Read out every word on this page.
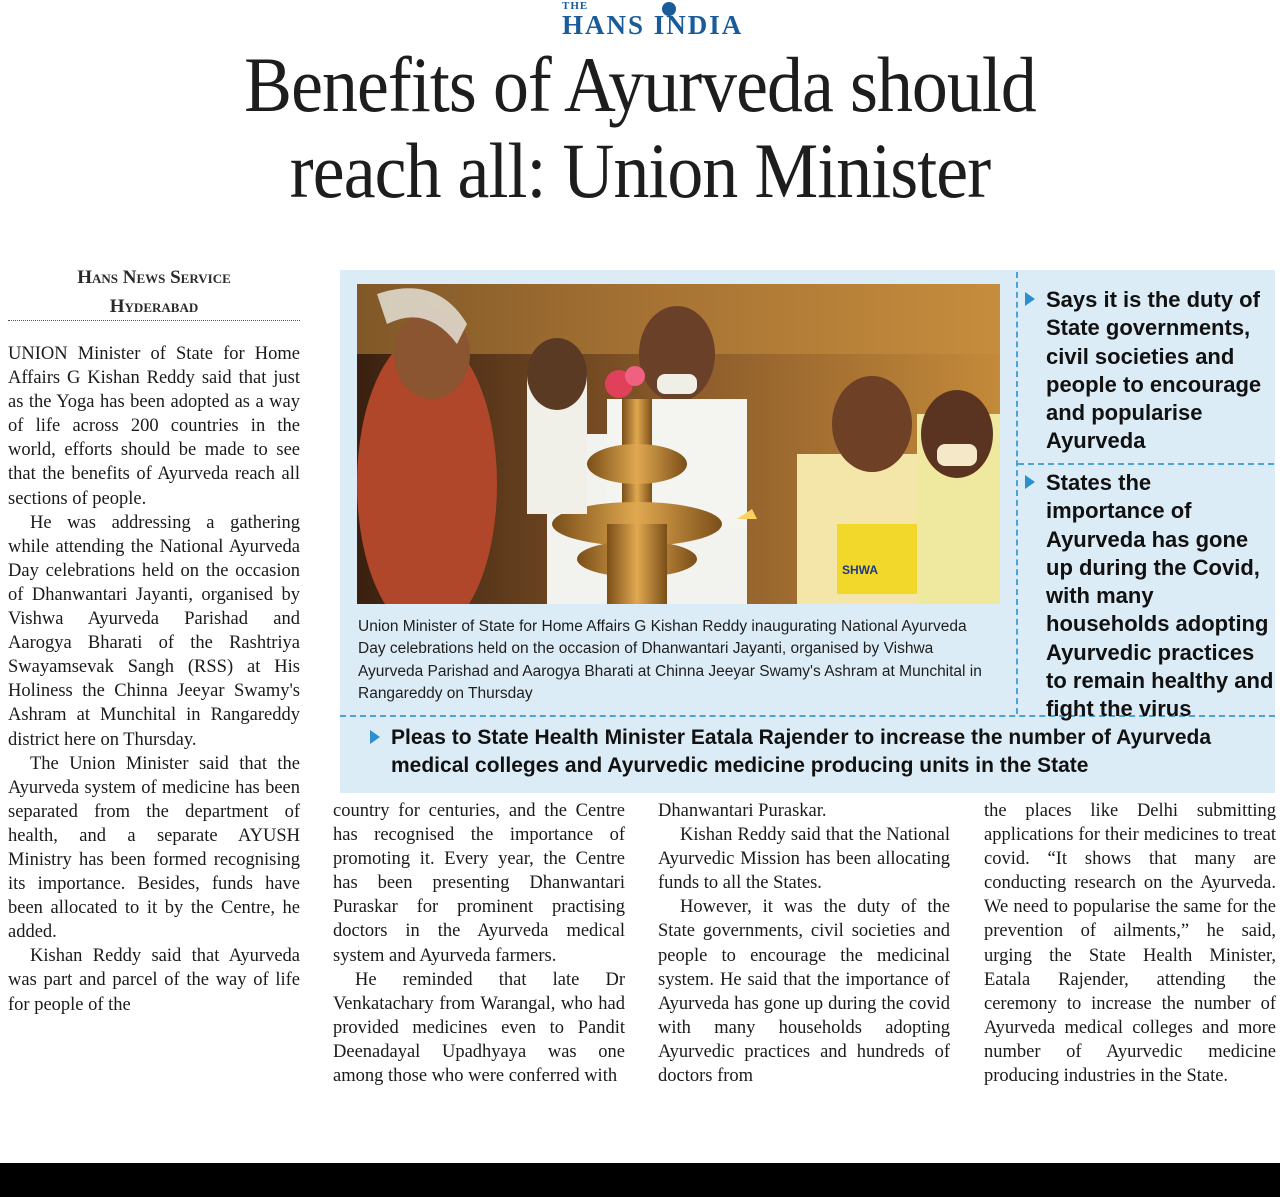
THE
HANS INDIA
Benefits of Ayurveda should
reach all: Union Minister
Hans News Service
Hyderabad

UNION Minister of State for Home Affairs G Kishan Reddy said that just as the Yoga has been adopted as a way of life across 200 countries in the world, efforts should be made to see that the benefits of Ayurveda reach all sections of people.

He was addressing a gathering while attending the National Ayurveda Day celebrations held on the occasion of Dhanwantari Jayanti, organised by Vishwa Ayurveda Parishad and Aarogya Bharati of the Rashtriya Swayamsevak Sangh (RSS) at His Holiness the Chinna Jeeyar Swamy's Ashram at Munchital in Rangareddy district here on Thursday.

The Union Minister said that the Ayurveda system of medicine has been separated from the department of health, and a separate AYUSH Ministry has been formed recognising its importance. Besides, funds have been allocated to it by the Centre, he added.

Kishan Reddy said that Ayurveda was part and parcel of the way of life for people of the

SHWA
Union Minister of State for Home Affairs G Kishan Reddy inaugurating National Ayurveda Day celebrations held on the occasion of Dhanwantari Jayanti, organised by Vishwa Ayurveda Parishad and Aarogya Bharati at Chinna Jeeyar Swamy's Ashram at Munchital in Rangareddy on Thursday
Says it is the duty of State governments, civil societies and people to encourage and popularise Ayurveda
States the importance of Ayurveda has gone up during the Covid, with many households adopting Ayurvedic practices to remain healthy and fight the virus
Pleas to State Health Minister Eatala Rajender to increase the number of Ayurveda medical colleges and Ayurvedic medicine producing units in the State

country for centuries, and the Centre has recognised the importance of promoting it. Every year, the Centre has been presenting Dhanwantari Puraskar for prominent practising doctors in the Ayurveda medical system and Ayurveda farmers.

He reminded that late Dr Venkatachary from Warangal, who had provided medicines even to Pandit Deenadayal Upadhyaya was one among those who were conferred with

Dhanwantari Puraskar.

Kishan Reddy said that the National Ayurvedic Mission has been allocating funds to all the States.

However, it was the duty of the State governments, civil societies and people to encourage the medicinal system. He said that the importance of Ayurveda has gone up during the covid with many households adopting Ayurvedic practices and hundreds of doctors from

the places like Delhi submitting applications for their medicines to treat covid. “It shows that many are conducting research on the Ayurveda. We need to popularise the same for the prevention of ailments,” he said, urging the State Health Minister, Eatala Rajender, attending the ceremony to increase the number of Ayurveda medical colleges and more number of Ayurvedic medicine producing industries in the State.
